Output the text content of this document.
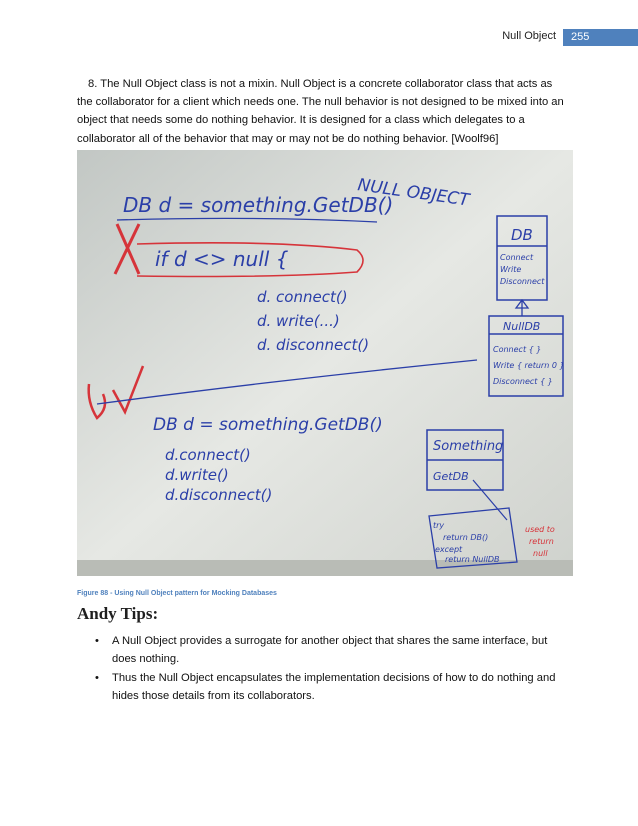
Null Object	255
8. The Null Object class is not a mixin. Null Object is a concrete collaborator class that acts as the collaborator for a client which needs one. The null behavior is not designed to be mixed into an object that needs some do nothing behavior. It is designed for a class which delegates to a collaborator all of the behavior that may or may not be do nothing behavior. [Woolf96]
NULL OBJECT
DB d = something.GetDB()
if d <> null {
d. connect()
d. write(...)
d. disconnect()
DB d = something.GetDB()
d.connect()
d.write()
d.disconnect()
DB
Connect
Write
Disconnect
NullDB
Connect { }
Write { return 0 }
Disconnect { }
Something
GetDB
try
return DB()
except
return NullDB
used to
return
null
Figure 88 - Using Null Object pattern for Mocking Databases
Andy Tips:
• A Null Object provides a surrogate for another object that shares the same interface, but does nothing.
• Thus the Null Object encapsulates the implementation decisions of how to do nothing and hides those details from its collaborators.
